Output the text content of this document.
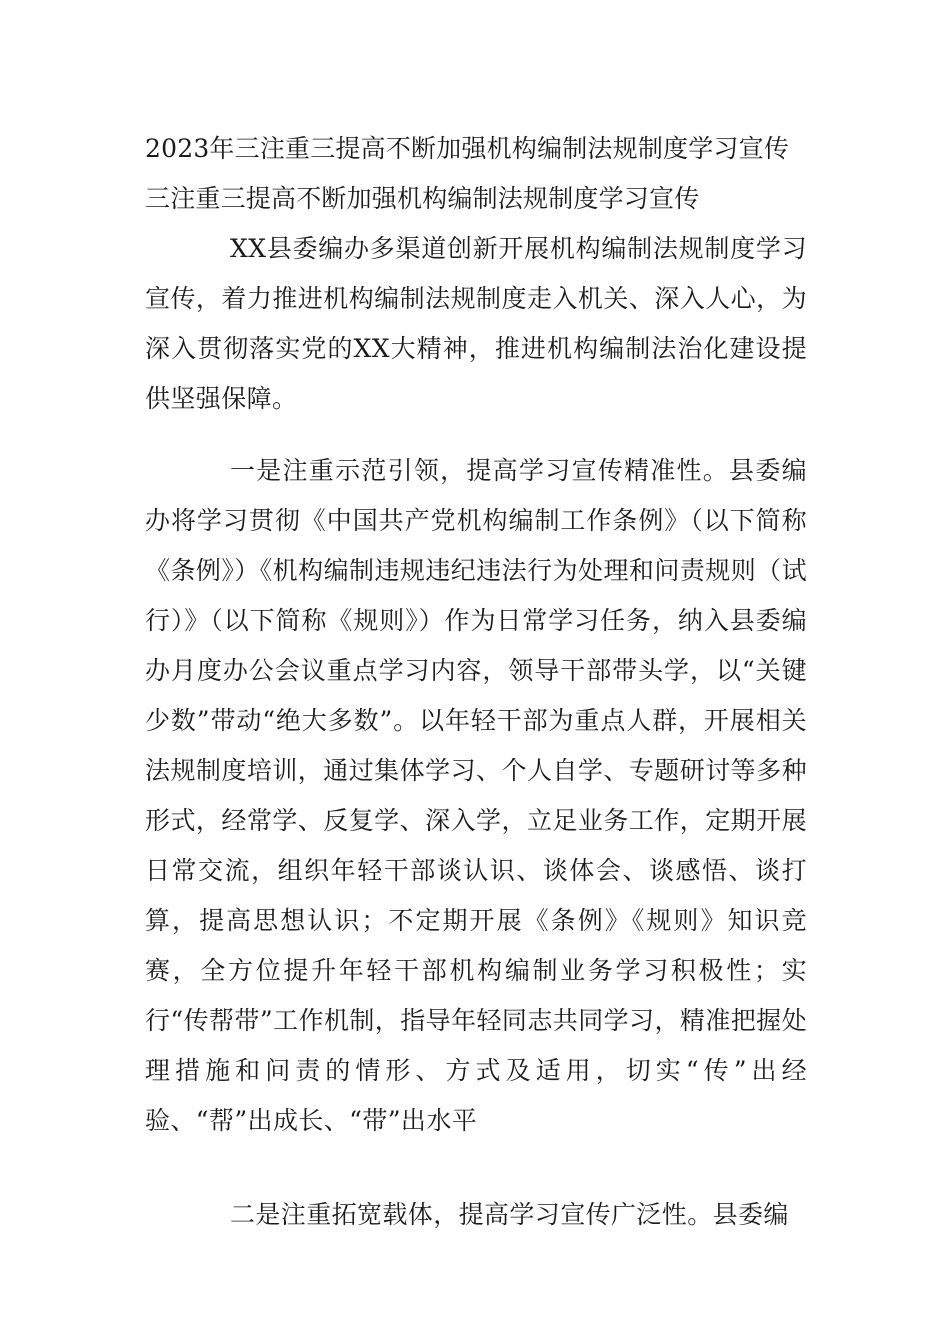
2023年三注重三提高不断加强机构编制法规制度学习宣传
三注重三提高不断加强机构编制法规制度学习宣传

XX县委编办多渠道创新开展机构编制法规制度学习宣传，着力推进机构编制法规制度走入机关、深入人心，为深入贯彻落实党的XX大精神，推进机构编制法治化建设提供坚强保障。

一是注重示范引领，提高学习宣传精准性。县委编办将学习贯彻《中国共产党机构编制工作条例》（以下简称《条例》）《机构编制违规违纪违法行为处理和问责规则（试行）》（以下简称《规则》）作为日常学习任务，纳入县委编办月度办公会议重点学习内容，领导干部带头学，以“关键少数”带动“绝大多数”。以年轻干部为重点人群，开展相关法规制度培训，通过集体学习、个人自学、专题研讨等多种形式，经常学、反复学、深入学，立足业务工作，定期开展日常交流，组织年轻干部谈认识、谈体会、谈感悟、谈打算，提高思想认识；不定期开展《条例》《规则》知识竞赛，全方位提升年轻干部机构编制业务学习积极性；实行“传帮带”工作机制，指导年轻同志共同学习，精准把握处理措施和问责的情形、方式及适用，切实“传”出经验、“帮”出成长、“带”出水平

二是注重拓宽载体，提高学习宣传广泛性。县委编
